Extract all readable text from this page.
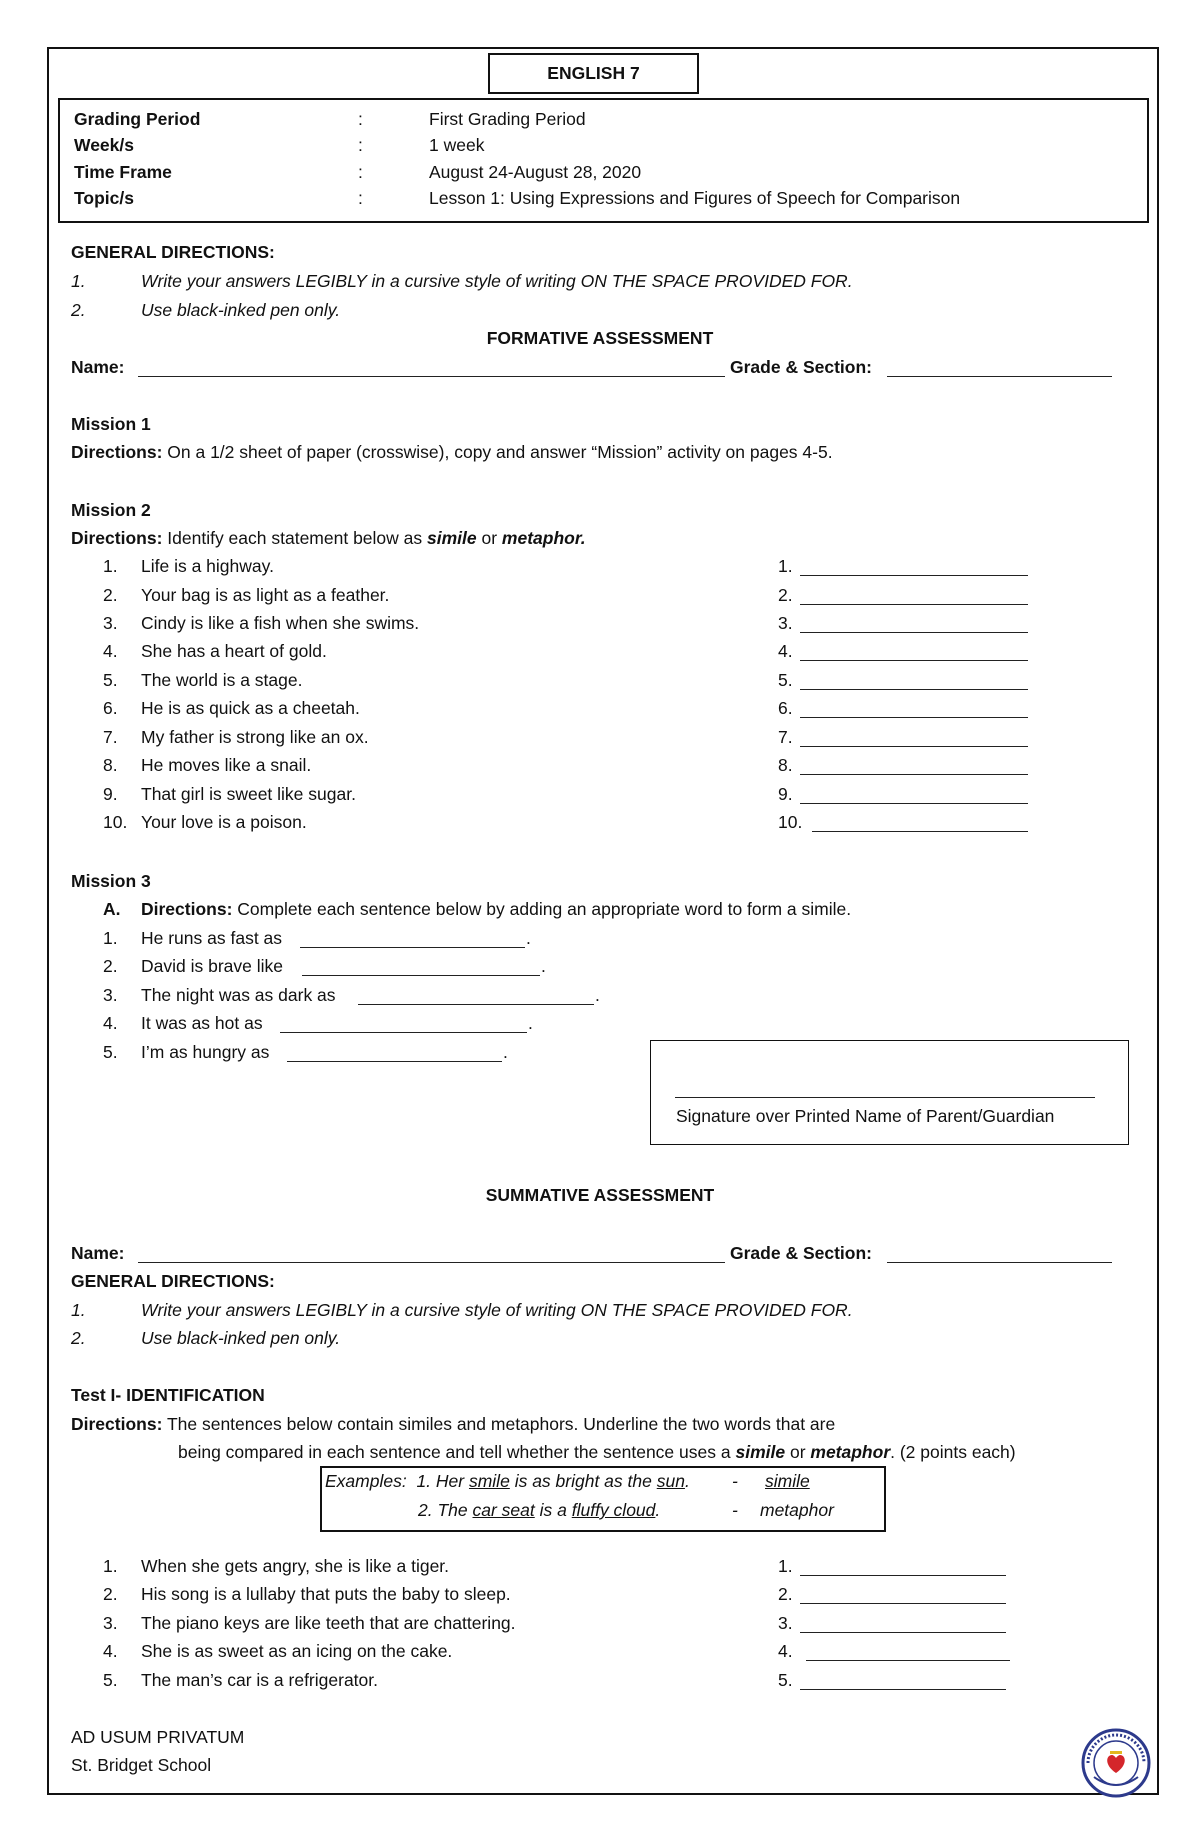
ENGLISH 7
Grading Period	:	First Grading Period
Week/s	:	1 week
Time Frame	:	August 24-August 28, 2020
Topic/s	:	Lesson 1: Using Expressions and Figures of Speech for Comparison
GENERAL DIRECTIONS:
1.	Write your answers LEGIBLY in a cursive style of writing ON THE SPACE PROVIDED FOR.
2.	Use black-inked pen only.
FORMATIVE ASSESSMENT
Name:	Grade & Section:
Mission 1
Directions: On a 1/2 sheet of paper (crosswise), copy and answer “Mission” activity on pages 4-5.
Mission 2
Directions: Identify each statement below as simile or metaphor.
1. Life is a highway.	1.
2. Your bag is as light as a feather.	2.
3. Cindy is like a fish when she swims.	3.
4. She has a heart of gold.	4.
5. The world is a stage.	5.
6. He is as quick as a cheetah.	6.
7. My father is strong like an ox.	7.
8. He moves like a snail.	8.
9. That girl is sweet like sugar.	9.
10. Your love is a poison.	10.
Mission 3
A. Directions: Complete each sentence below by adding an appropriate word to form a simile.
1. He runs as fast as	.
2. David is brave like	.
3. The night was as dark as	.
4. It was as hot as	.
5. I’m as hungry as	.
Signature over Printed Name of Parent/Guardian
SUMMATIVE ASSESSMENT
Name:	Grade & Section:
GENERAL DIRECTIONS:
1.	Write your answers LEGIBLY in a cursive style of writing ON THE SPACE PROVIDED FOR.
2.	Use black-inked pen only.
Test I- IDENTIFICATION
Directions: The sentences below contain similes and metaphors. Underline the two words that are
being compared in each sentence and tell whether the sentence uses a simile or metaphor. (2 points each)
Examples: 1. Her smile is as bright as the sun. - simile
2. The car seat is a fluffy cloud.	- metaphor
1. When she gets angry, she is like a tiger.	1.
2. His song is a lullaby that puts the baby to sleep.	2.
3. The piano keys are like teeth that are chattering.	3.
4. She is as sweet as an icing on the cake.	4.
5. The man’s car is a refrigerator.	5.
AD USUM PRIVATUM
St. Bridget School
